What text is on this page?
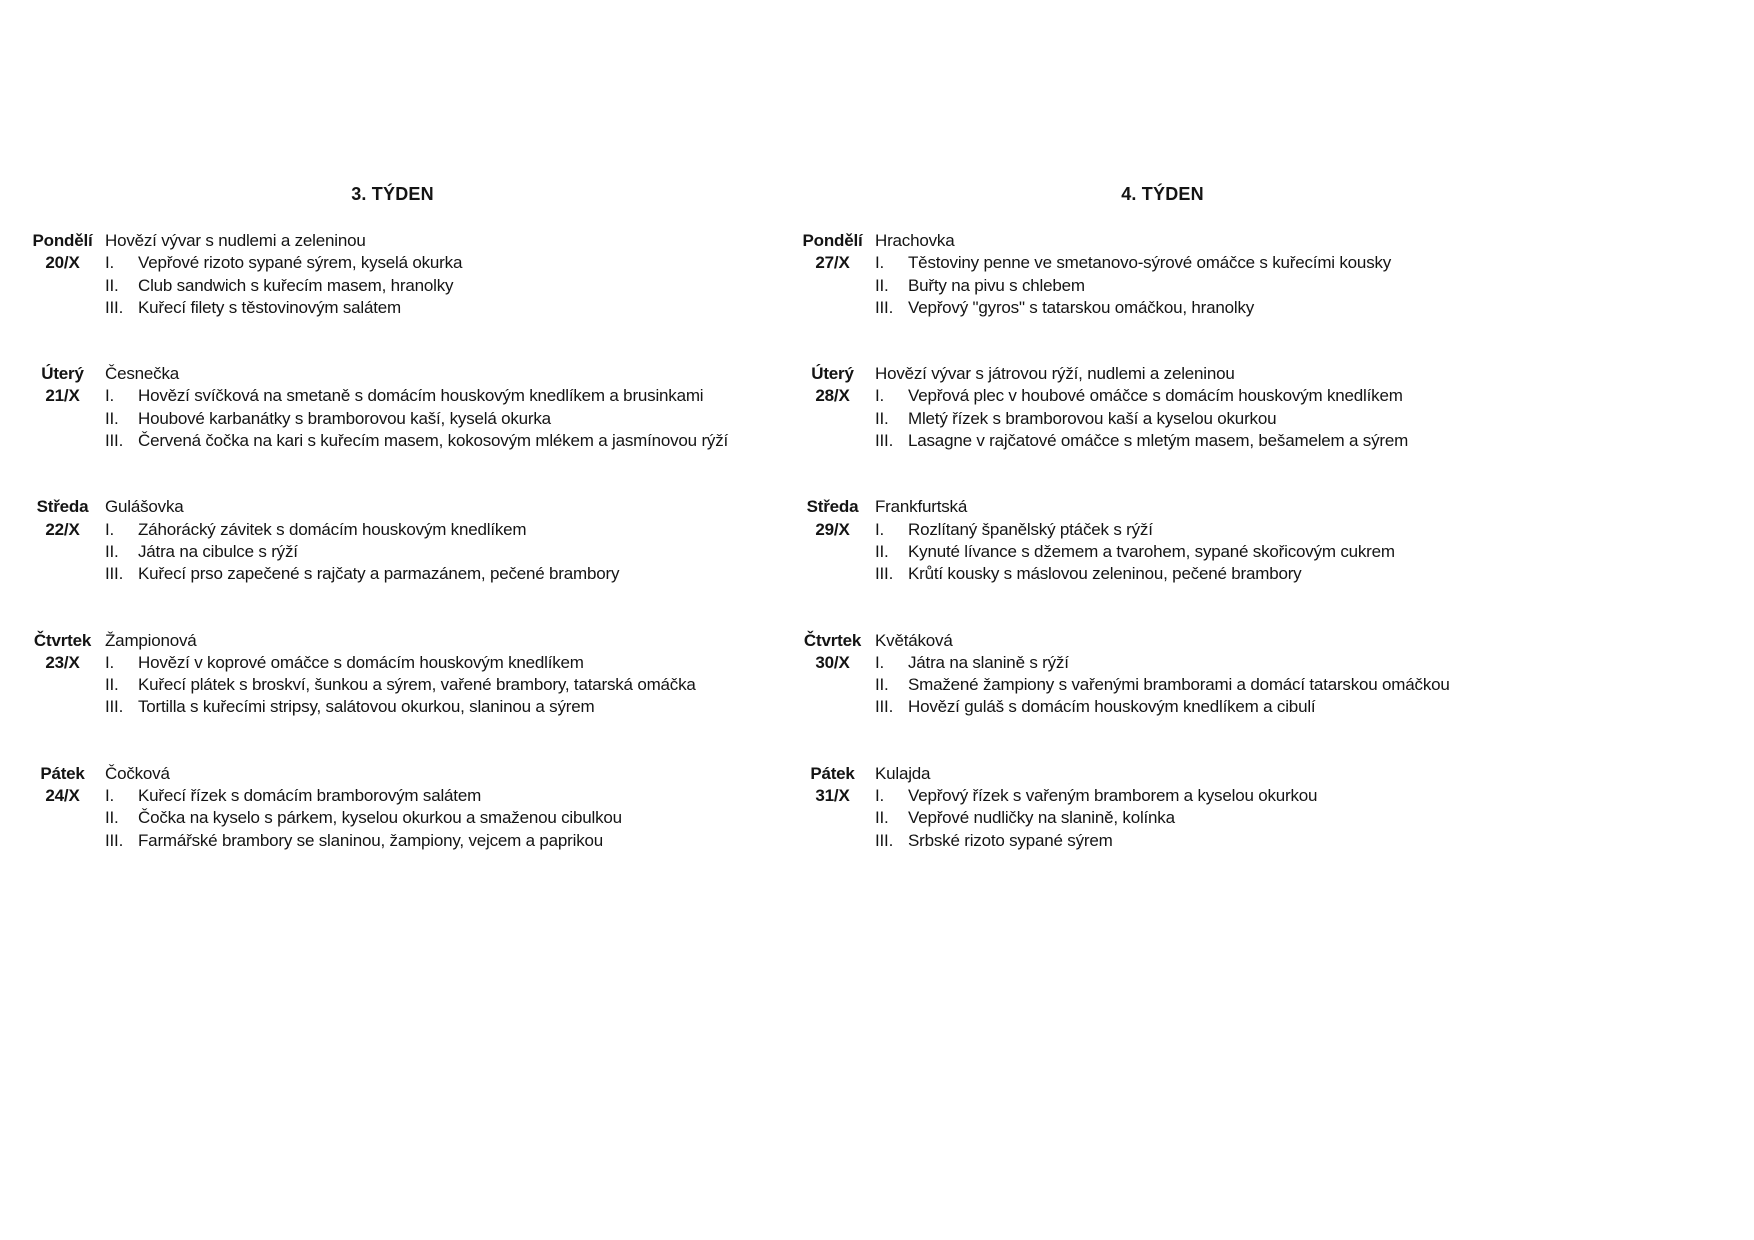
3. TÝDEN
Pondělí
20/X
Hovězí vývar s nudlemi a zeleninou
I.	Vepřové rizoto sypané sýrem, kyselá okurka
II.	Club sandwich s kuřecím masem, hranolky
III. Kuřecí filety s těstovinovým salátem
Úterý
21/X
Česnečka
I.	Hovězí svíčková na smetaně s domácím houskovým knedlíkem a brusinkami
II.	Houbové karbanátky s bramborovou kaší, kyselá okurka
III. Červená čočka na kari s kuřecím masem, kokosovým mlékem a jasmínovou rýží
Středa
22/X
Gulášovka
I.	Záhorácký závitek s domácím houskovým knedlíkem
II.	Játra na cibulce s rýží
III. Kuřecí prso zapečené s rajčaty a parmazánem, pečené brambory
Čtvrtek
23/X
Žampionová
I.	Hovězí v koprové omáčce s domácím houskovým knedlíkem
II.	Kuřecí plátek s broskví, šunkou a sýrem, vařené brambory, tatarská omáčka
III. Tortilla s kuřecími stripsy, salátovou okurkou, slaninou a sýrem
Pátek
24/X
Čočková
I.	Kuřecí řízek s domácím bramborovým salátem
II.	Čočka na kyselo s párkem, kyselou okurkou a smaženou cibulkou
III. Farmářské brambory se slaninou, žampiony, vejcem a paprikou
4. TÝDEN
Pondělí
27/X
Hrachovka
I.	Těstoviny penne ve smetanovo-sýrové omáčce s kuřecími kousky
II.	Buřty na pivu s chlebem
III. Vepřový "gyros" s tatarskou omáčkou, hranolky
Úterý
28/X
Hovězí vývar s játrovou rýží, nudlemi a zeleninou
I.	Vepřová plec v houbové omáčce s domácím houskovým knedlíkem
II.	Mletý řízek s bramborovou kaší a kyselou okurkou
III. Lasagne v rajčatové omáčce s mletým masem, bešamelem a sýrem
Středa
29/X
Frankfurtská
I.	Rozlítaný španělský ptáček s rýží
II.	Kynuté lívance s džemem a tvarohem, sypané skořicovým cukrem
III. Krůtí kousky s máslovou zeleninou, pečené brambory
Čtvrtek
30/X
Květáková
I.	Játra na slanině s rýží
II.	Smažené žampiony s vařenými bramborami a domácí tatarskou omáčkou
III. Hovězí guláš s domácím houskovým knedlíkem a cibulí
Pátek
31/X
Kulajda
I.	Vepřový řízek s vařeným bramborem a kyselou okurkou
II.	Vepřové nudličky na slanině, kolínka
III. Srbské rizoto sypané sýrem
